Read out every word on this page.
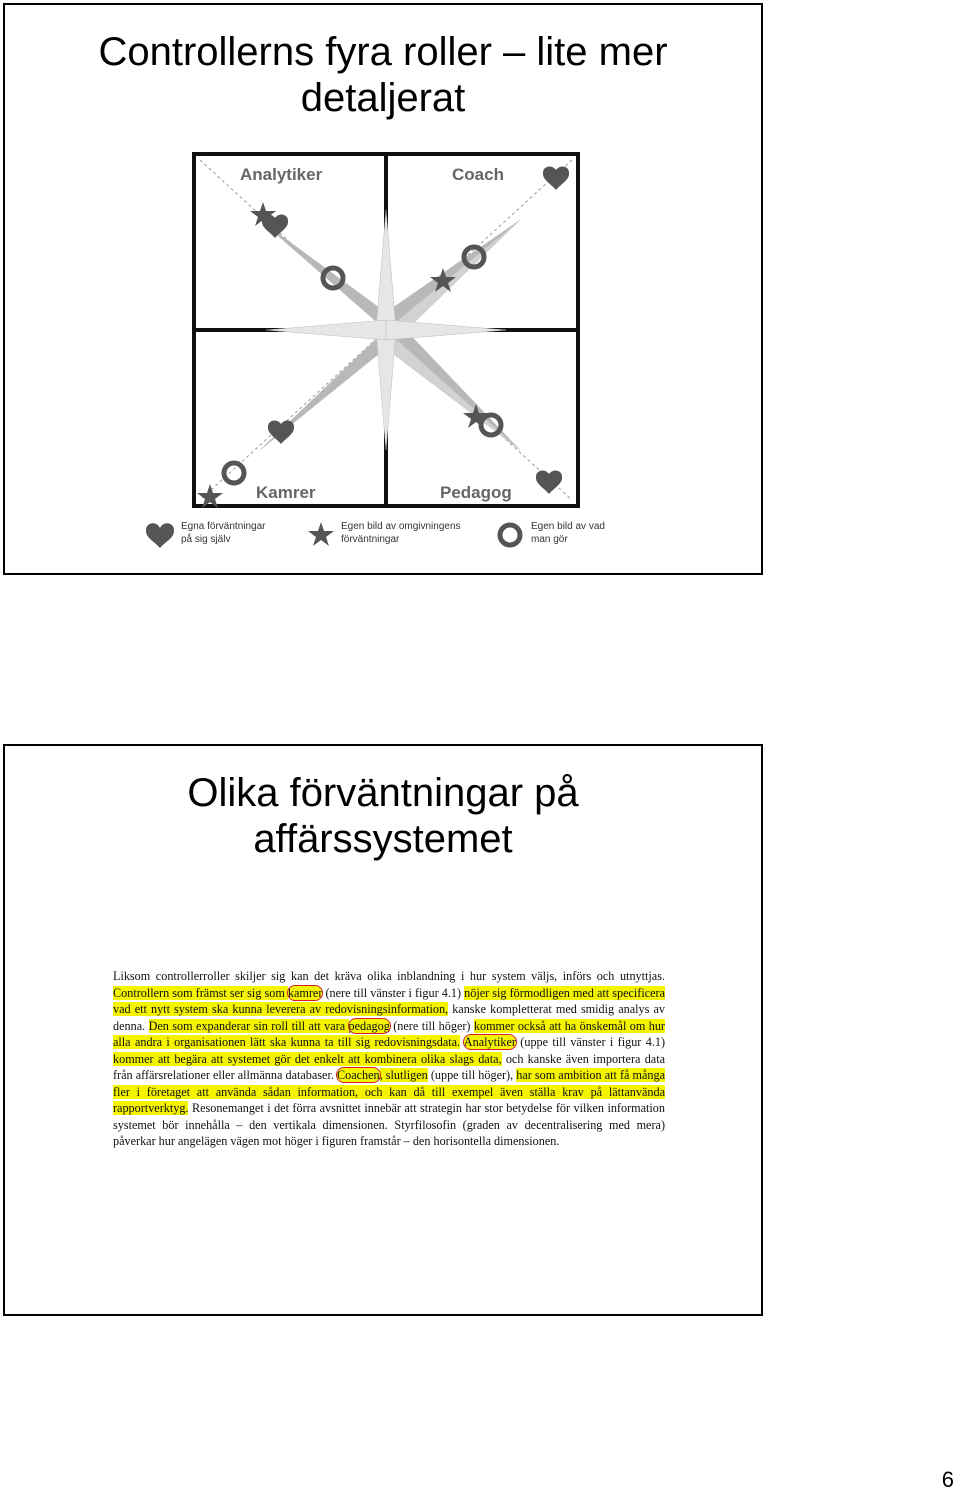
Controllerns fyra roller – lite mer
detaljerat
Analytiker	Coach
Kamrer	Pedagog
Egna förväntningar
på sig själv
Egen bild av omgivningens
förväntningar
Egen bild av vad
man gör
Olika förväntningar på
affärssystemet

Liksom controllerroller skiljer sig kan det kräva olika inblandning i hur system väljs, införs och utnyttjas. Controllern som främst ser sig som kamrer (nere till vänster i figur 4.1) nöjer sig förmodligen med att specificera vad ett nytt system ska kunna leverera av redovisningsinformation, kanske kompletterat med smidig analys av denna. Den som expanderar sin roll till att vara pedagog (nere till höger) kommer också att ha önskemål om hur alla andra i organisationen lätt ska kunna ta till sig redovisningsdata. Analytiker (uppe till vänster i figur 4.1) kommer att begära att systemet gör det enkelt att kombinera olika slags data, och kanske även importera data från affärsrelationer eller allmänna databaser. Coachen, slutligen (uppe till höger), har som ambition att få många fler i företaget att använda sådan information, och kan då till exempel även ställa krav på lättanvända rapportverktyg. Resonemanget i det förra avsnittet innebär att strategin har stor betydelse för vilken information systemet bör innehålla – den vertikala dimensionen. Styrfilosofin (graden av decentralisering med mera) påverkar hur angelägen vägen mot höger i figuren framstår – den horisontella dimensionen.

6
